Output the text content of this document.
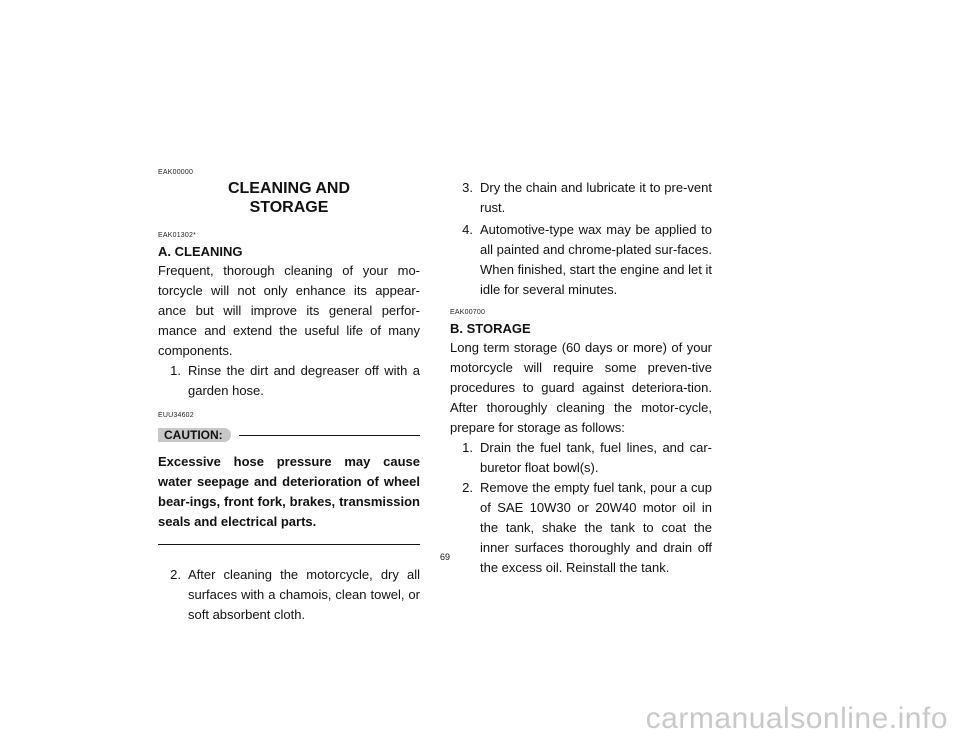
EAK00000
CLEANING AND
STORAGE
EAK01302*
A. CLEANING

Frequent, thorough cleaning of your mo-torcycle will not only enhance its appear-ance but will improve its general perfor-mance and extend the useful life of many components.

1. Rinse the dirt and degreaser off with a garden hose.
EUU34602
CAUTION:
Excessive hose pressure may cause water seepage and deterioration of wheel bear-ings, front fork, brakes, transmission seals and electrical parts.
2. After cleaning the motorcycle, dry all surfaces with a chamois, clean towel, or soft absorbent cloth.
3. Dry the chain and lubricate it to pre-vent rust.
4. Automotive-type wax may be applied to all painted and chrome-plated sur-faces. When finished, start the engine and let it idle for several minutes.
EAK00700
B. STORAGE

Long term storage (60 days or more) of your motorcycle will require some preven-tive procedures to guard against deteriora-tion. After thoroughly cleaning the motor-cycle, prepare for storage as follows:

1. Drain the fuel tank, fuel lines, and car-buretor float bowl(s).
2. Remove the empty fuel tank, pour a cup of SAE 10W30 or 20W40 motor oil in the tank, shake the tank to coat the inner surfaces thoroughly and drain off the excess oil. Reinstall the tank.
69
carmanualsonline.info
